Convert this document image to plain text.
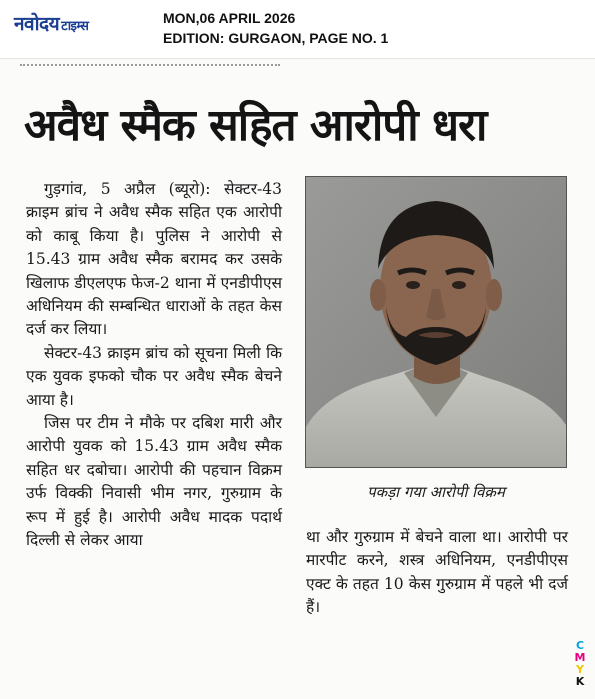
नवोदय टाइम्स
MON,06 APRIL 2026
EDITION: GURGAON, PAGE NO. 1
अवैध स्मैक सहित आरोपी धरा

गुड़गांव, 5 अप्रैल (ब्यूरो): सेक्टर-43 क्राइम ब्रांच ने अवैध स्मैक सहित एक आरोपी को काबू किया है। पुलिस ने आरोपी से 15.43 ग्राम अवैध स्मैक बरामद कर उसके खिलाफ डीएलएफ फेज-2 थाना में एनडीपीएस अधिनियम की सम्बन्धित धाराओं के तहत केस दर्ज कर लिया।

सेक्टर-43 क्राइम ब्रांच को सूचना मिली कि एक युवक इफको चौक पर अवैध स्मैक बेचने आया है।

जिस पर टीम ने मौके पर दबिश मारी और आरोपी युवक को 15.43 ग्राम अवैध स्मैक सहित धर दबोचा। आरोपी की पहचान विक्रम उर्फ विक्की निवासी भीम नगर, गुरुग्राम के रूप में हुई है। आरोपी अवैध मादक पदार्थ दिल्ली से लेकर आया

पकड़ा गया आरोपी विक्रम

था और गुरुग्राम में बेचने वाला था। आरोपी पर मारपीट करने, शस्त्र अधिनियम, एनडीपीएस एक्ट के तहत 10 केस गुरुग्राम में पहले भी दर्ज हैं।

C
M
Y
K
